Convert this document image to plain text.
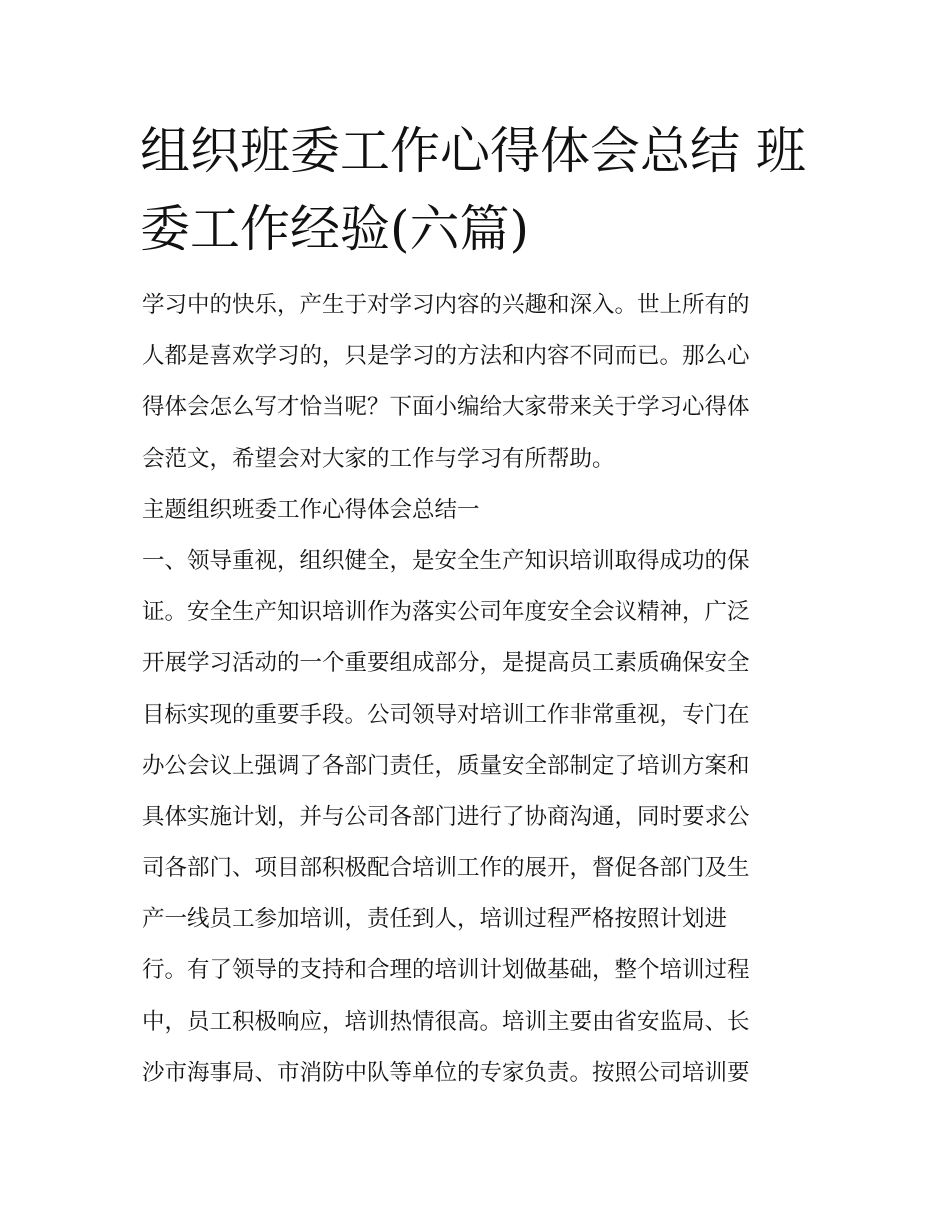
组织班委工作心得体会总结 班
委工作经验(六篇)
学习中的快乐，产生于对学习内容的兴趣和深入。世上所有的
人都是喜欢学习的，只是学习的方法和内容不同而已。那么心
得体会怎么写才恰当呢？下面小编给大家带来关于学习心得体
会范文，希望会对大家的工作与学习有所帮助。
主题组织班委工作心得体会总结一
一、领导重视，组织健全，是安全生产知识培训取得成功的保
证。安全生产知识培训作为落实公司年度安全会议精神，广泛
开展学习活动的一个重要组成部分，是提高员工素质确保安全
目标实现的重要手段。公司领导对培训工作非常重视，专门在
办公会议上强调了各部门责任，质量安全部制定了培训方案和
具体实施计划，并与公司各部门进行了协商沟通，同时要求公
司各部门、项目部积极配合培训工作的展开，督促各部门及生
产一线员工参加培训，责任到人，培训过程严格按照计划进
行。有了领导的支持和合理的培训计划做基础，整个培训过程
中，员工积极响应，培训热情很高。培训主要由省安监局、长
沙市海事局、市消防中队等单位的专家负责。按照公司培训要
